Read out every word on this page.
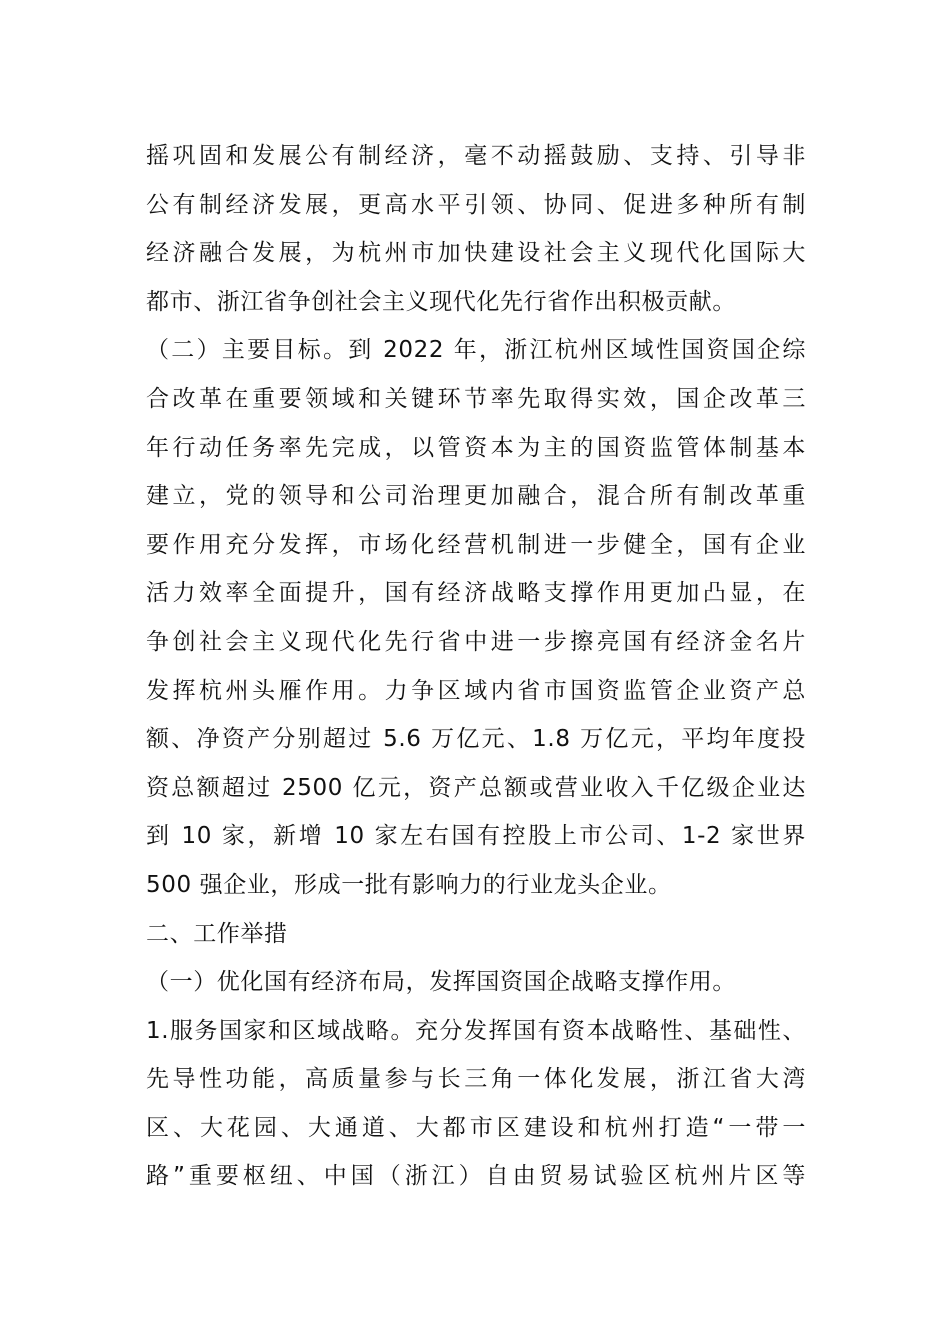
摇巩固和发展公有制经济，毫不动摇鼓励、支持、引导非
公有制经济发展，更高水平引领、协同、促进多种所有制
经济融合发展，为杭州市加快建设社会主义现代化国际大
都市、浙江省争创社会主义现代化先行省作出积极贡献。
（二）主要目标。到 2022 年，浙江杭州区域性国资国企综
合改革在重要领域和关键环节率先取得实效，国企改革三
年行动任务率先完成，以管资本为主的国资监管体制基本
建立，党的领导和公司治理更加融合，混合所有制改革重
要作用充分发挥，市场化经营机制进一步健全，国有企业
活力效率全面提升，国有经济战略支撑作用更加凸显，在
争创社会主义现代化先行省中进一步擦亮国有经济金名片
发挥杭州头雁作用。力争区域内省市国资监管企业资产总
额、净资产分别超过 5.6 万亿元、1.8 万亿元，平均年度投
资总额超过 2500 亿元，资产总额或营业收入千亿级企业达
到 10 家，新增 10 家左右国有控股上市公司、1-2 家世界
500 强企业，形成一批有影响力的行业龙头企业。
二、工作举措
（一）优化国有经济布局，发挥国资国企战略支撑作用。
1.服务国家和区域战略。充分发挥国有资本战略性、基础性、
先导性功能，高质量参与长三角一体化发展，浙江省大湾
区、大花园、大通道、大都市区建设和杭州打造“一带一
路”重要枢纽、中国（浙江）自由贸易试验区杭州片区等
